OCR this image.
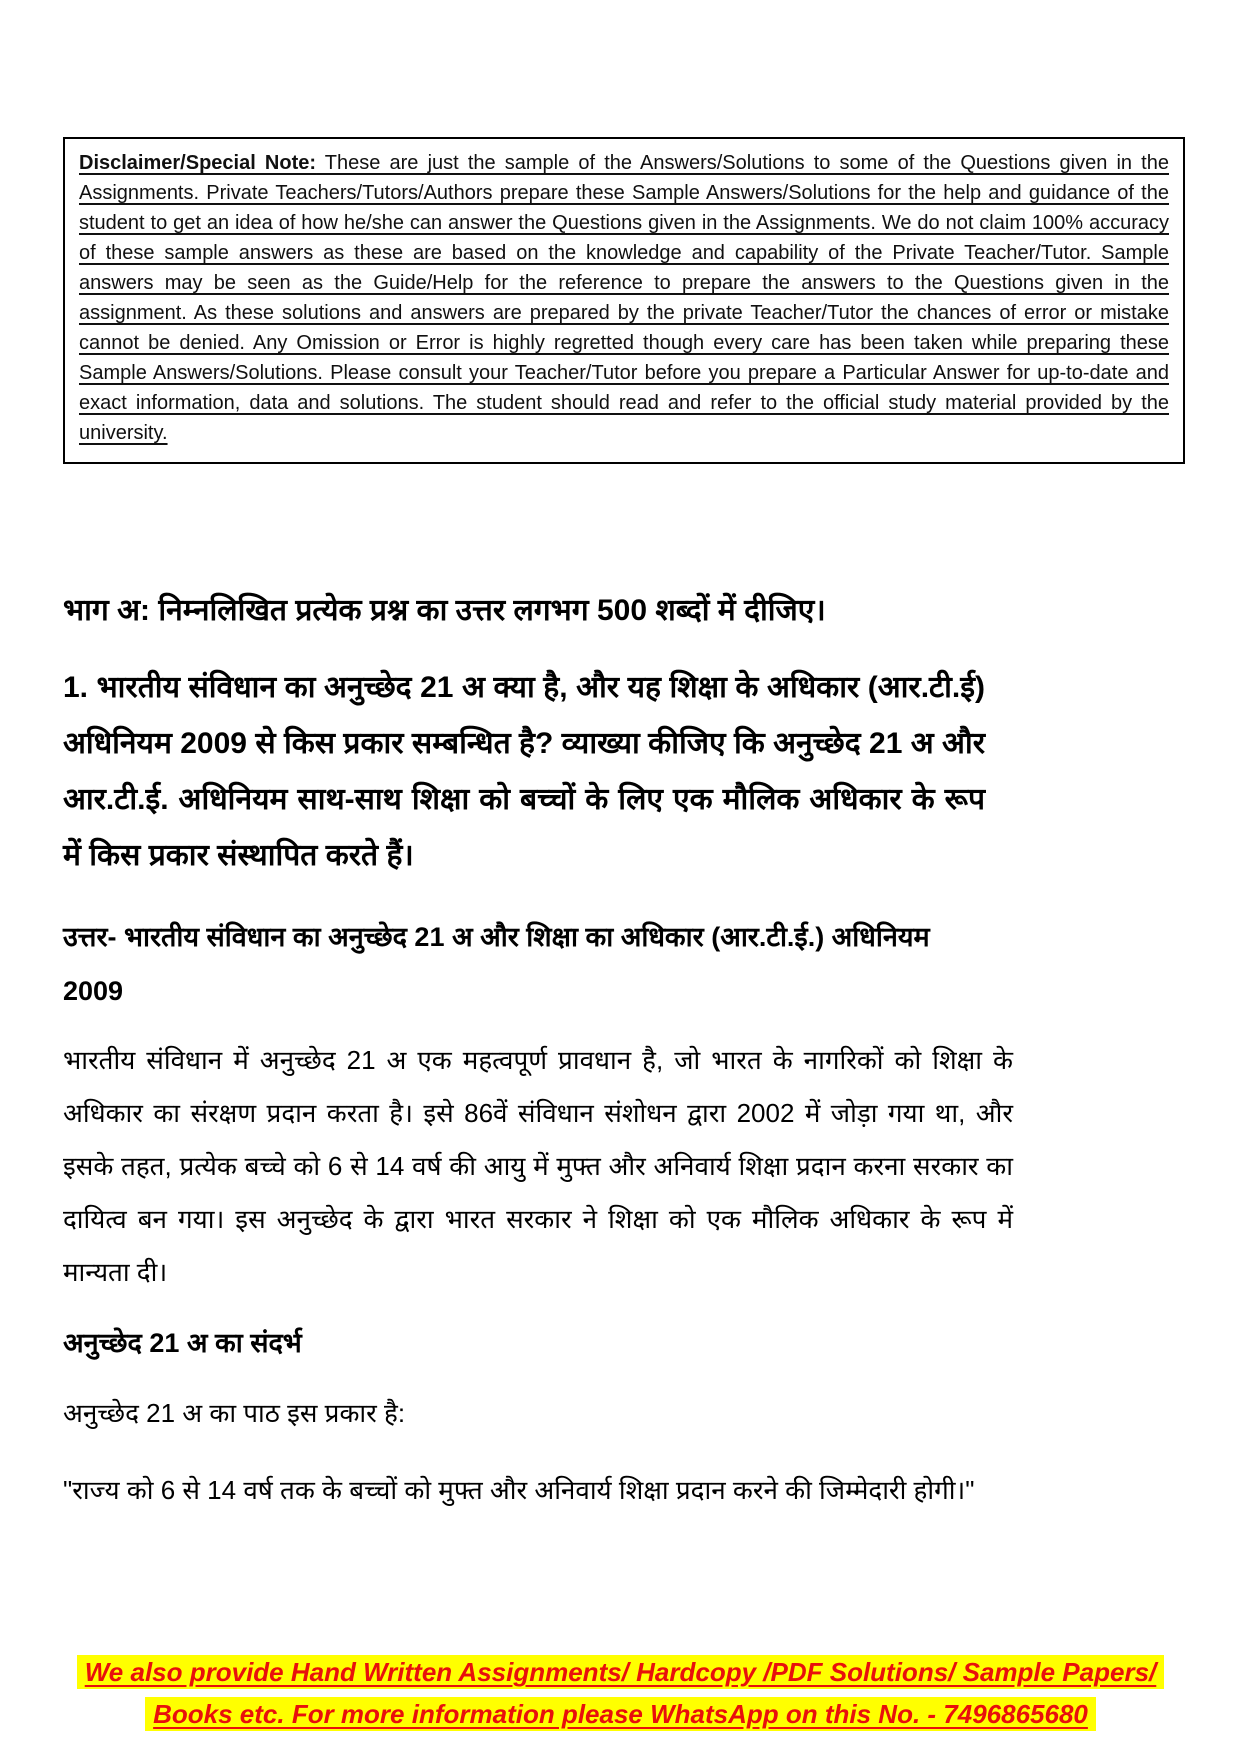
Disclaimer/Special Note: These are just the sample of the Answers/Solutions to some of the Questions given in the Assignments. Private Teachers/Tutors/Authors prepare these Sample Answers/Solutions for the help and guidance of the student to get an idea of how he/she can answer the Questions given in the Assignments. We do not claim 100% accuracy of these sample answers as these are based on the knowledge and capability of the Private Teacher/Tutor. Sample answers may be seen as the Guide/Help for the reference to prepare the answers to the Questions given in the assignment. As these solutions and answers are prepared by the private Teacher/Tutor the chances of error or mistake cannot be denied. Any Omission or Error is highly regretted though every care has been taken while preparing these Sample Answers/Solutions. Please consult your Teacher/Tutor before you prepare a Particular Answer for up-to-date and exact information, data and solutions. The student should read and refer to the official study material provided by the university.

भाग अ: निम्नलिखित प्रत्येक प्रश्न का उत्तर लगभग 500 शब्दों में दीजिए।

1. भारतीय संविधान का अनुच्छेद 21 अ क्या है, और यह शिक्षा के अधिकार (आर.टी.ई) अधिनियम 2009 से किस प्रकार सम्बन्धित है? व्याख्या कीजिए कि अनुच्छेद 21 अ और आर.टी.ई. अधिनियम साथ-साथ शिक्षा को बच्चों के लिए एक मौलिक अधिकार के रूप में किस प्रकार संस्थापित करते हैं।

उत्तर- भारतीय संविधान का अनुच्छेद 21 अ और शिक्षा का अधिकार (आर.टी.ई.) अधिनियम 2009

भारतीय संविधान में अनुच्छेद 21 अ एक महत्वपूर्ण प्रावधान है, जो भारत के नागरिकों को शिक्षा के अधिकार का संरक्षण प्रदान करता है। इसे 86वें संविधान संशोधन द्वारा 2002 में जोड़ा गया था, और इसके तहत, प्रत्येक बच्चे को 6 से 14 वर्ष की आयु में मुफ्त और अनिवार्य शिक्षा प्रदान करना सरकार का दायित्व बन गया। इस अनुच्छेद के द्वारा भारत सरकार ने शिक्षा को एक मौलिक अधिकार के रूप में मान्यता दी।

अनुच्छेद 21 अ का संदर्भ

अनुच्छेद 21 अ का पाठ इस प्रकार है:

"राज्य को 6 से 14 वर्ष तक के बच्चों को मुफ्त और अनिवार्य शिक्षा प्रदान करने की जिम्मेदारी होगी।"

We also provide Hand Written Assignments/ Hardcopy /PDF Solutions/ Sample Papers/
Books etc. For more information please WhatsApp on this No. - 7496865680
